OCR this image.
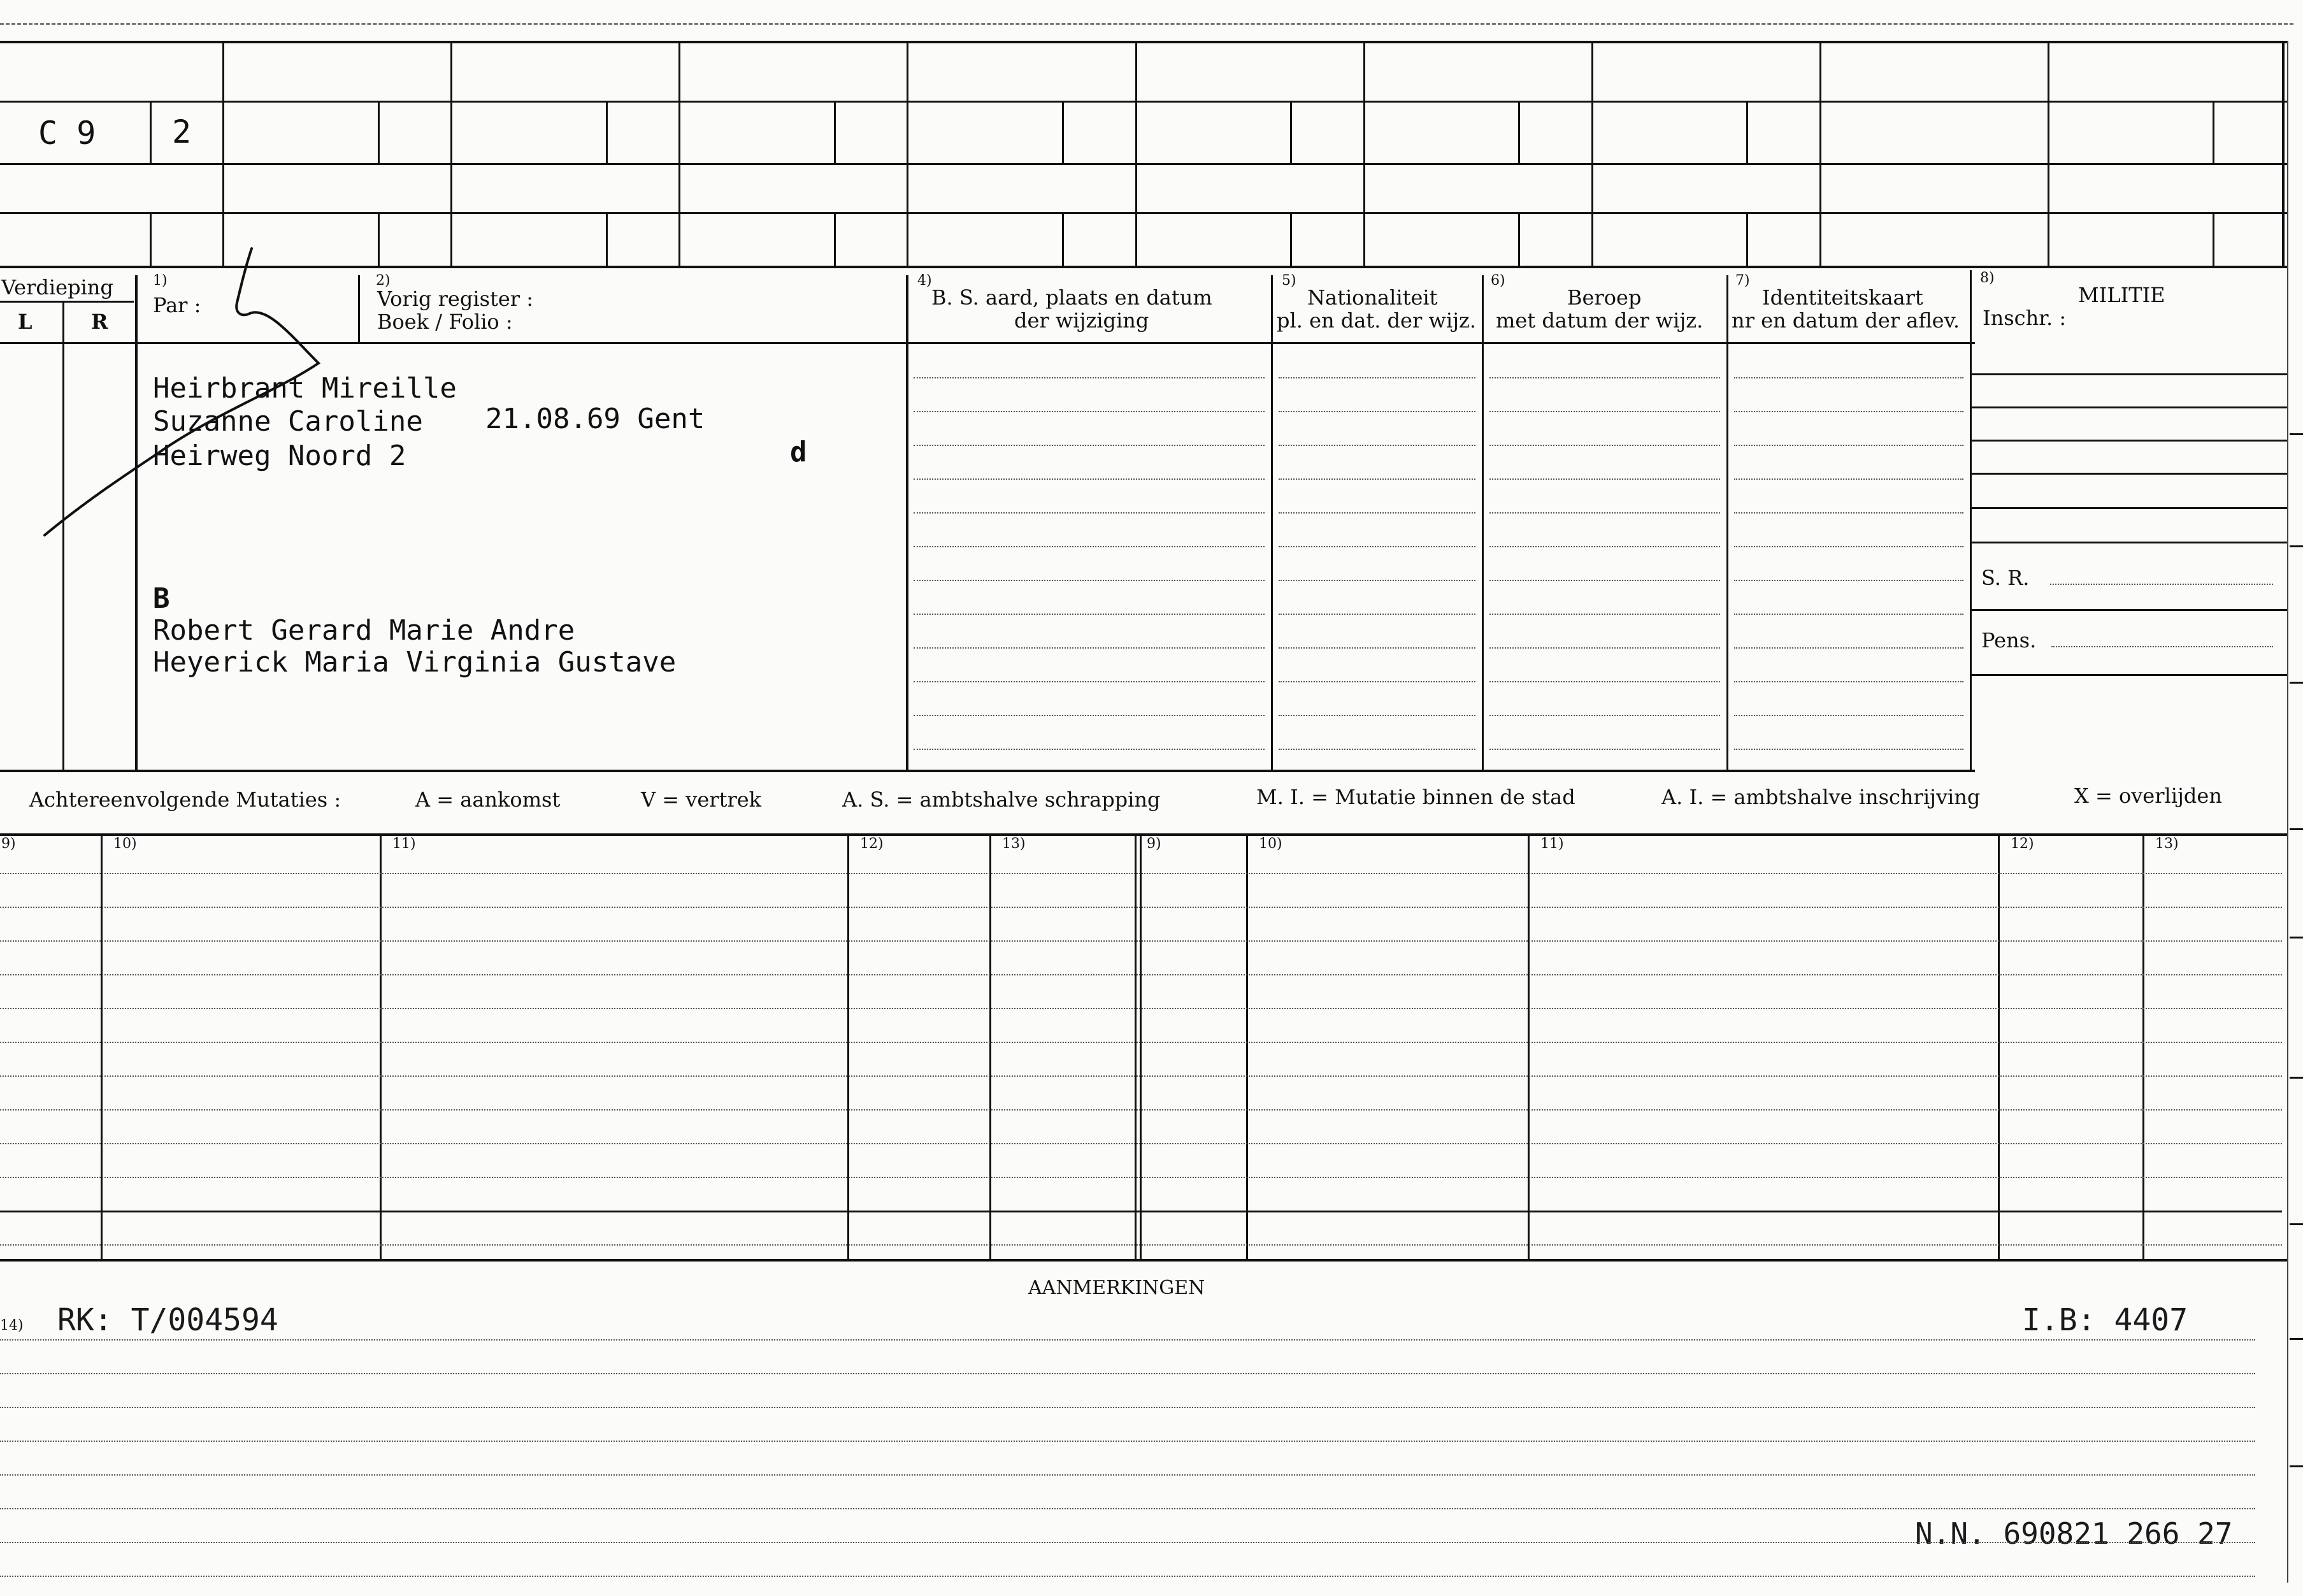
C 9 2
Verdieping
L	R
1)
Par :
2)
Vorig register :
Boek / Folio :
4)
B. S. aard, plaats en datum
der wijziging
5)
Nationaliteit
pl. en dat. der wijz.
6)
Beroep
met datum der wijz.
7)
Identiteitskaart
nr en datum der aflev.
8)
MILITIE
Inschr. :
S. R.
Pens.
Heirbrant Mireille
Suzanne Caroline 21.08.69 Gent
Heirweg Noord 2	d
B
Robert Gerard Marie Andre
Heyerick Maria Virginia Gustave
Achtereenvolgende Mutaties :	A = aankomst	V = vertrek	A. S. = ambtshalve schrapping	M. I. = Mutatie binnen de stad	A. I. = ambtshalve inschrijving	X = overlijden
9)	10)	11)	12)	13)	9)	10)	11)	12)	13)
AANMERKINGEN
14) RK: T/004594	I.B: 4407
N.N. 690821 266 27
